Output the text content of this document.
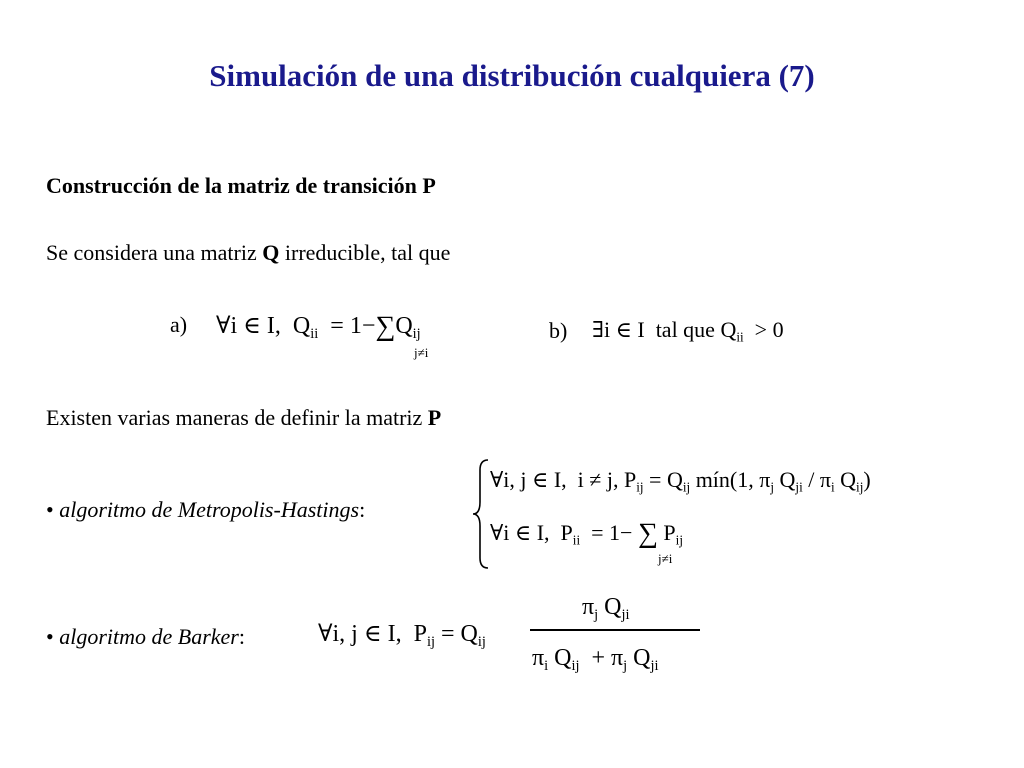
Simulación de una distribución cualquiera (7)
Construcción de la matriz de transición P
Se considera una matriz Q irreducible, tal que
a) ∀i ∈ I, $Q_{ii} = 1-\sum Q_{ij}$
j≠i
b) ∃i ∈ I tal que $Q_{ii} > 0$
Existen varias maneras de definir la matriz P
• algoritmo de Metropolis-Hastings:
∀i, j ∈ I, i ≠ j, $P_{ij} = Q_{ij}$ mín(1, $\pi_j$ $Q_{ji} / \pi_i$ $Q_{ij}$)
∀i ∈ I, $P_{ii} = 1-$ ∑ $P_{ij}$
j≠i
• algoritmo de Barker:	∀i, j ∈ I, $P_{ij} = Q_{ij}$
$\pi_j$ $Q_{ji}$
$\pi_i$ $Q_{ij} + \pi_j$ $Q_{ji}$
